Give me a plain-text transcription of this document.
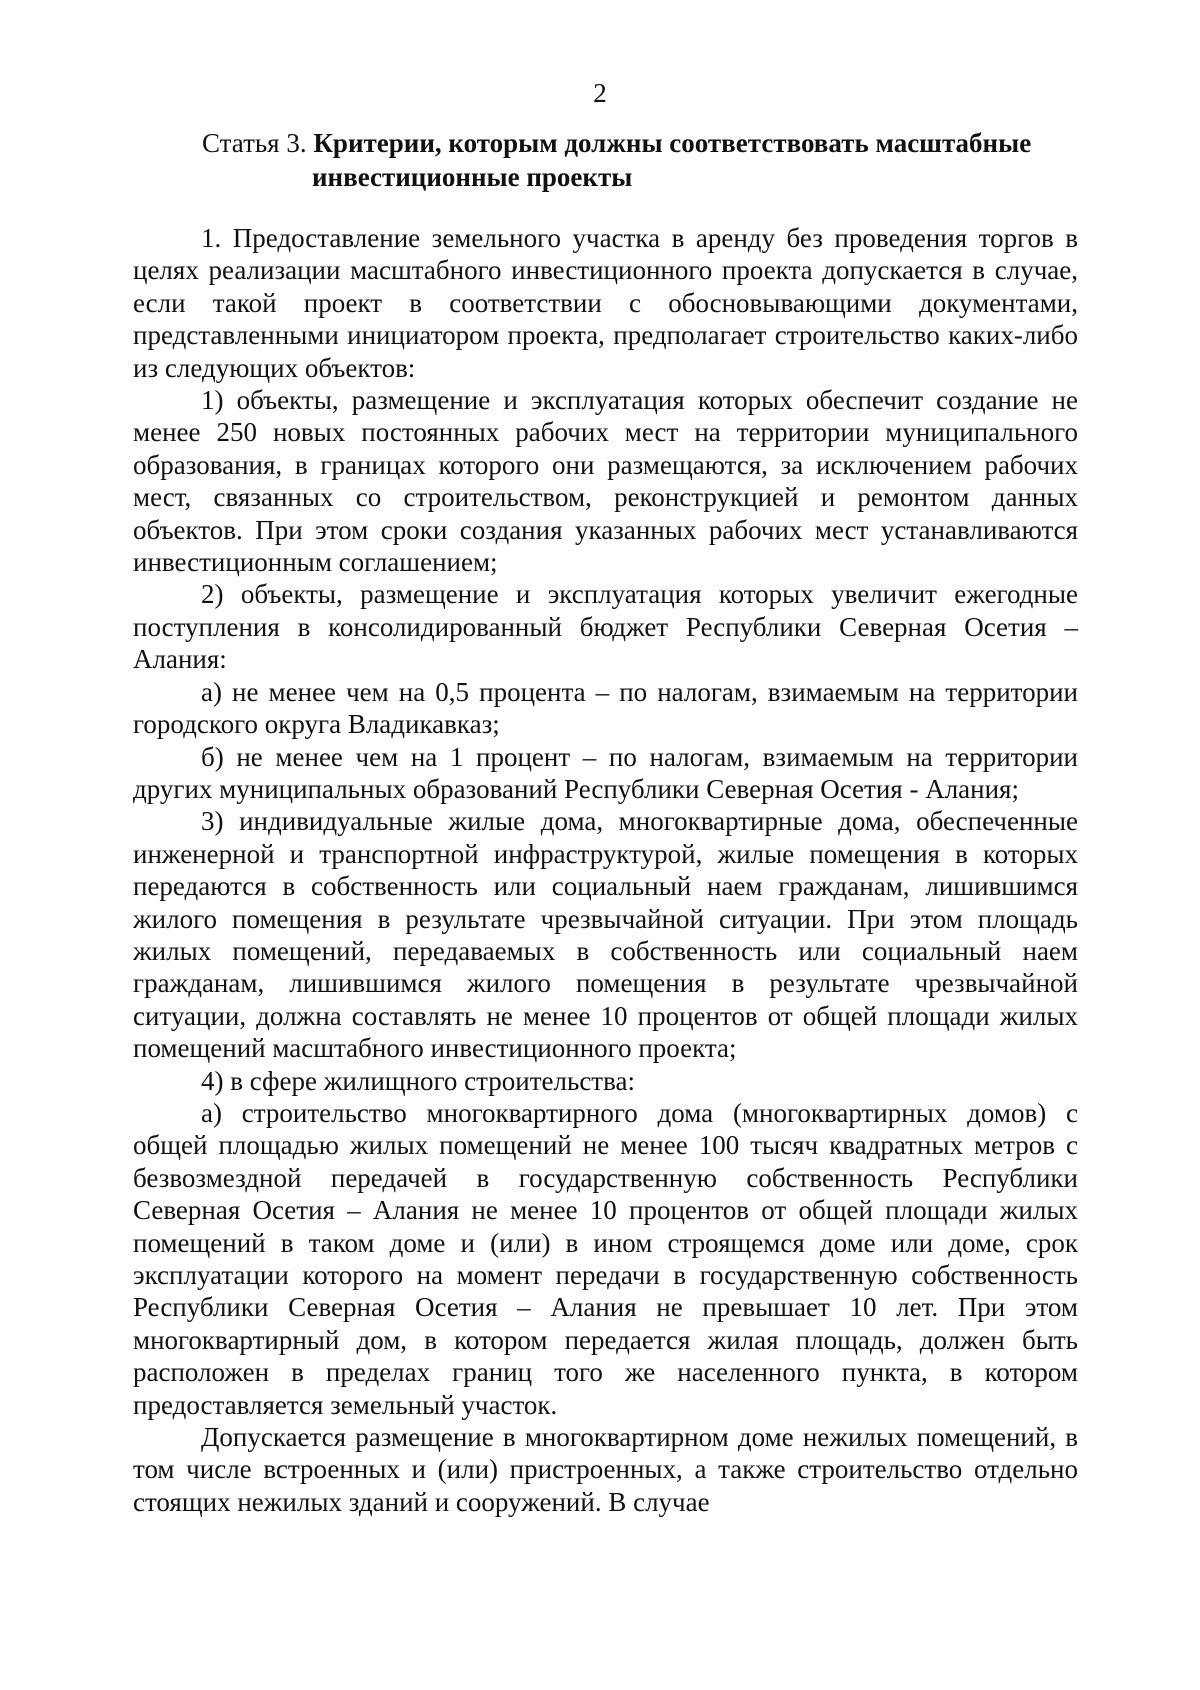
2
Статья 3. Критерии, которым должны соответствовать масштабные
инвестиционные проекты

1. Предоставление земельного участка в аренду без проведения торгов в целях реализации масштабного инвестиционного проекта допускается в случае, если такой проект в соответствии с обосновывающими документами, представленными инициатором проекта, предполагает строительство каких-либо из следующих объектов:

1) объекты, размещение и эксплуатация которых обеспечит создание не менее 250 новых постоянных рабочих мест на территории муниципального образования, в границах которого они размещаются, за исключением рабочих мест, связанных со строительством, реконструкцией и ремонтом данных объектов. При этом сроки создания указанных рабочих мест устанавливаются инвестиционным соглашением;

2) объекты, размещение и эксплуатация которых увеличит ежегодные поступления в консолидированный бюджет Республики Северная Осетия – Алания:

а) не менее чем на 0,5 процента – по налогам, взимаемым на территории городского округа Владикавказ;

б) не менее чем на 1 процент – по налогам, взимаемым на территории других муниципальных образований Республики Северная Осетия - Алания;

3) индивидуальные жилые дома, многоквартирные дома, обеспеченные инженерной и транспортной инфраструктурой, жилые помещения в которых передаются в собственность или социальный наем гражданам, лишившимся жилого помещения в результате чрезвычайной ситуации. При этом площадь жилых помещений, передаваемых в собственность или социальный наем гражданам, лишившимся жилого помещения в результате чрезвычайной ситуации, должна составлять не менее 10 процентов от общей площади жилых помещений масштабного инвестиционного проекта;

4) в сфере жилищного строительства:

а) строительство многоквартирного дома (многоквартирных домов) с общей площадью жилых помещений не менее 100 тысяч квадратных метров с безвозмездной передачей в государственную собственность Республики Северная Осетия – Алания не менее 10 процентов от общей площади жилых помещений в таком доме и (или) в ином строящемся доме или доме, срок эксплуатации которого на момент передачи в государственную собственность Республики Северная Осетия – Алания не превышает 10 лет. При этом многоквартирный дом, в котором передается жилая площадь, должен быть расположен в пределах границ того же населенного пункта, в котором предоставляется земельный участок.

Допускается размещение в многоквартирном доме нежилых помещений, в том числе встроенных и (или) пристроенных, а также строительство отдельно стоящих нежилых зданий и сооружений. В случае
